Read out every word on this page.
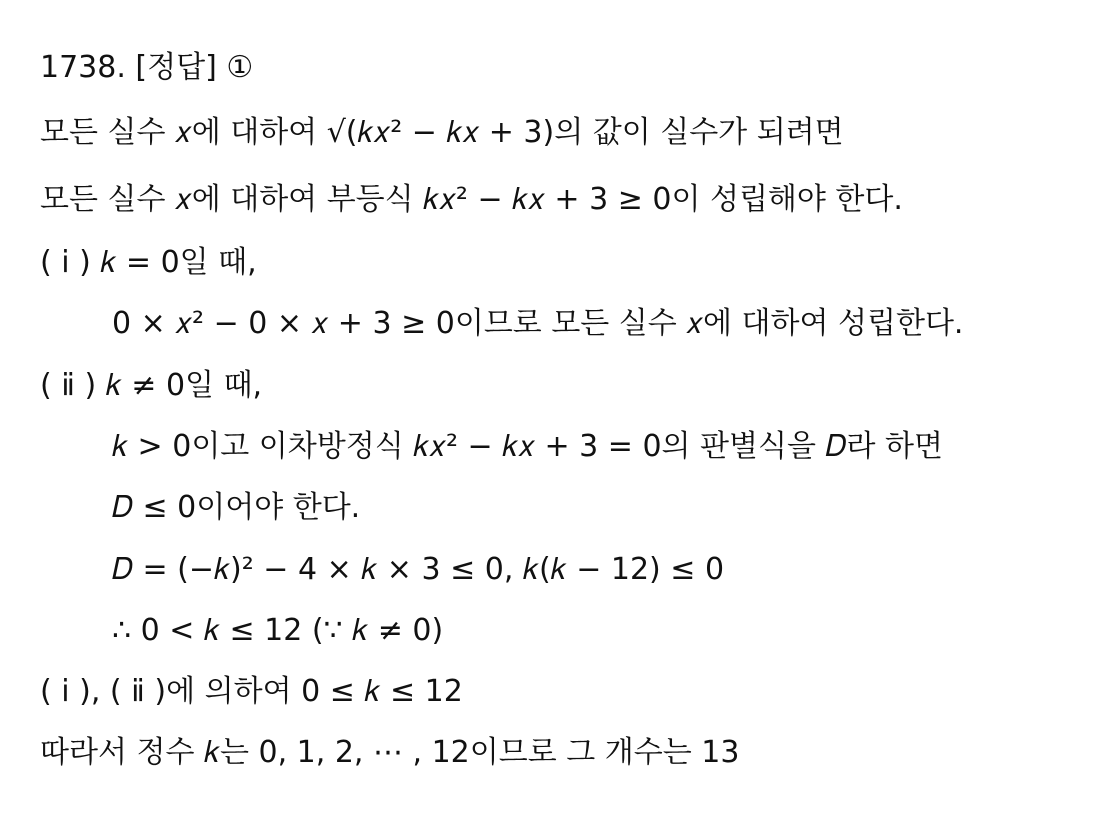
1738. [정답] ①
모든 실수 𝑥에 대하여 √(𝑘𝑥² − 𝑘𝑥 + 3)의 값이 실수가 되려면
모든 실수 𝑥에 대하여 부등식 𝑘𝑥² − 𝑘𝑥 + 3 ≥ 0이 성립해야 한다.
( ⅰ ) 𝑘 = 0일 때,
0 × 𝑥² − 0 × 𝑥 + 3 ≥ 0이므로 모든 실수 𝑥에 대하여 성립한다.
( ⅱ ) 𝑘 ≠ 0일 때,
𝑘 > 0이고 이차방정식 𝑘𝑥² − 𝑘𝑥 + 3 = 0의 판별식을 𝐷라 하면
𝐷 ≤ 0이어야 한다.
𝐷 = (−𝑘)² − 4 × 𝑘 × 3 ≤ 0, 𝑘(𝑘 − 12) ≤ 0
∴ 0 < 𝑘 ≤ 12 (∵ 𝑘 ≠ 0)
( ⅰ ), ( ⅱ )에 의하여 0 ≤ 𝑘 ≤ 12
따라서 정수 𝑘는 0, 1, 2, ⋯ , 12이므로 그 개수는 13
